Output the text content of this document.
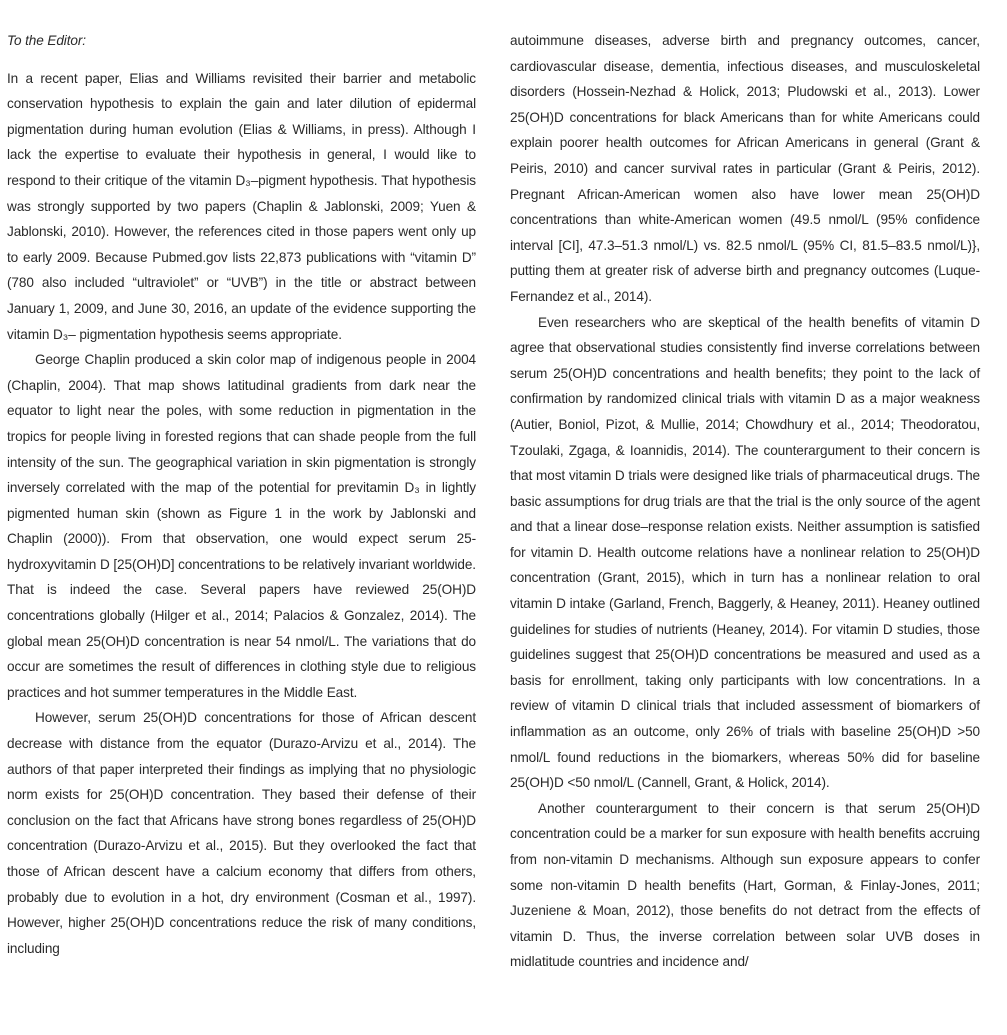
To the Editor:

In a recent paper, Elias and Williams revisited their barrier and metabolic conservation hypothesis to explain the gain and later dilution of epidermal pigmentation during human evolution (Elias & Williams, in press). Although I lack the expertise to evaluate their hypothesis in general, I would like to respond to their critique of the vitamin D₃–pigment hypothesis. That hypothesis was strongly supported by two papers (Chaplin & Jablonski, 2009; Yuen & Jablonski, 2010). However, the references cited in those papers went only up to early 2009. Because Pubmed.gov lists 22,873 publications with “vitamin D” (780 also included “ultraviolet” or “UVB”) in the title or abstract between January 1, 2009, and June 30, 2016, an update of the evidence supporting the vitamin D₃– pigmentation hypothesis seems appropriate.

George Chaplin produced a skin color map of indigenous people in 2004 (Chaplin, 2004). That map shows latitudinal gradients from dark near the equator to light near the poles, with some reduction in pigmentation in the tropics for people living in forested regions that can shade people from the full intensity of the sun. The geographical variation in skin pigmentation is strongly inversely correlated with the map of the potential for previtamin D₃ in lightly pigmented human skin (shown as Figure 1 in the work by Jablonski and Chaplin (2000)). From that observation, one would expect serum 25-hydroxyvitamin D [25(OH)D] concentrations to be relatively invariant worldwide. That is indeed the case. Several papers have reviewed 25(OH)D concentrations globally (Hilger et al., 2014; Palacios & Gonzalez, 2014). The global mean 25(OH)D concentration is near 54 nmol/L. The variations that do occur are sometimes the result of differences in clothing style due to religious practices and hot summer temperatures in the Middle East.

However, serum 25(OH)D concentrations for those of African descent decrease with distance from the equator (Durazo-Arvizu et al., 2014). The authors of that paper interpreted their findings as implying that no physiologic norm exists for 25(OH)D concentration. They based their defense of their conclusion on the fact that Africans have strong bones regardless of 25(OH)D concentration (Durazo-Arvizu et al., 2015). But they overlooked the fact that those of African descent have a calcium economy that differs from others, probably due to evolution in a hot, dry environment (Cosman et al., 1997). However, higher 25(OH)D concentrations reduce the risk of many conditions, including

autoimmune diseases, adverse birth and pregnancy outcomes, cancer, cardiovascular disease, dementia, infectious diseases, and musculoskeletal disorders (Hossein-Nezhad & Holick, 2013; Pludowski et al., 2013). Lower 25(OH)D concentrations for black Americans than for white Americans could explain poorer health outcomes for African Americans in general (Grant & Peiris, 2010) and cancer survival rates in particular (Grant & Peiris, 2012). Pregnant African-American women also have lower mean 25(OH)D concentrations than white-American women (49.5 nmol/L (95% confidence interval [CI], 47.3–51.3 nmol/L) vs. 82.5 nmol/L (95% CI, 81.5–83.5 nmol/L)}, putting them at greater risk of adverse birth and pregnancy outcomes (Luque-Fernandez et al., 2014).

Even researchers who are skeptical of the health benefits of vitamin D agree that observational studies consistently find inverse correlations between serum 25(OH)D concentrations and health benefits; they point to the lack of confirmation by randomized clinical trials with vitamin D as a major weakness (Autier, Boniol, Pizot, & Mullie, 2014; Chowdhury et al., 2014; Theodoratou, Tzoulaki, Zgaga, & Ioannidis, 2014). The counterargument to their concern is that most vitamin D trials were designed like trials of pharmaceutical drugs. The basic assumptions for drug trials are that the trial is the only source of the agent and that a linear dose–response relation exists. Neither assumption is satisfied for vitamin D. Health outcome relations have a nonlinear relation to 25(OH)D concentration (Grant, 2015), which in turn has a nonlinear relation to oral vitamin D intake (Garland, French, Baggerly, & Heaney, 2011). Heaney outlined guidelines for studies of nutrients (Heaney, 2014). For vitamin D studies, those guidelines suggest that 25(OH)D concentrations be measured and used as a basis for enrollment, taking only participants with low concentrations. In a review of vitamin D clinical trials that included assessment of biomarkers of inflammation as an outcome, only 26% of trials with baseline 25(OH)D >50 nmol/L found reductions in the biomarkers, whereas 50% did for baseline 25(OH)D <50 nmol/L (Cannell, Grant, & Holick, 2014).

Another counterargument to their concern is that serum 25(OH)D concentration could be a marker for sun exposure with health benefits accruing from non-vitamin D mechanisms. Although sun exposure appears to confer some non-vitamin D health benefits (Hart, Gorman, & Finlay-Jones, 2011; Juzeniene & Moan, 2012), those benefits do not detract from the effects of vitamin D. Thus, the inverse correlation between solar UVB doses in midlatitude countries and incidence and/
